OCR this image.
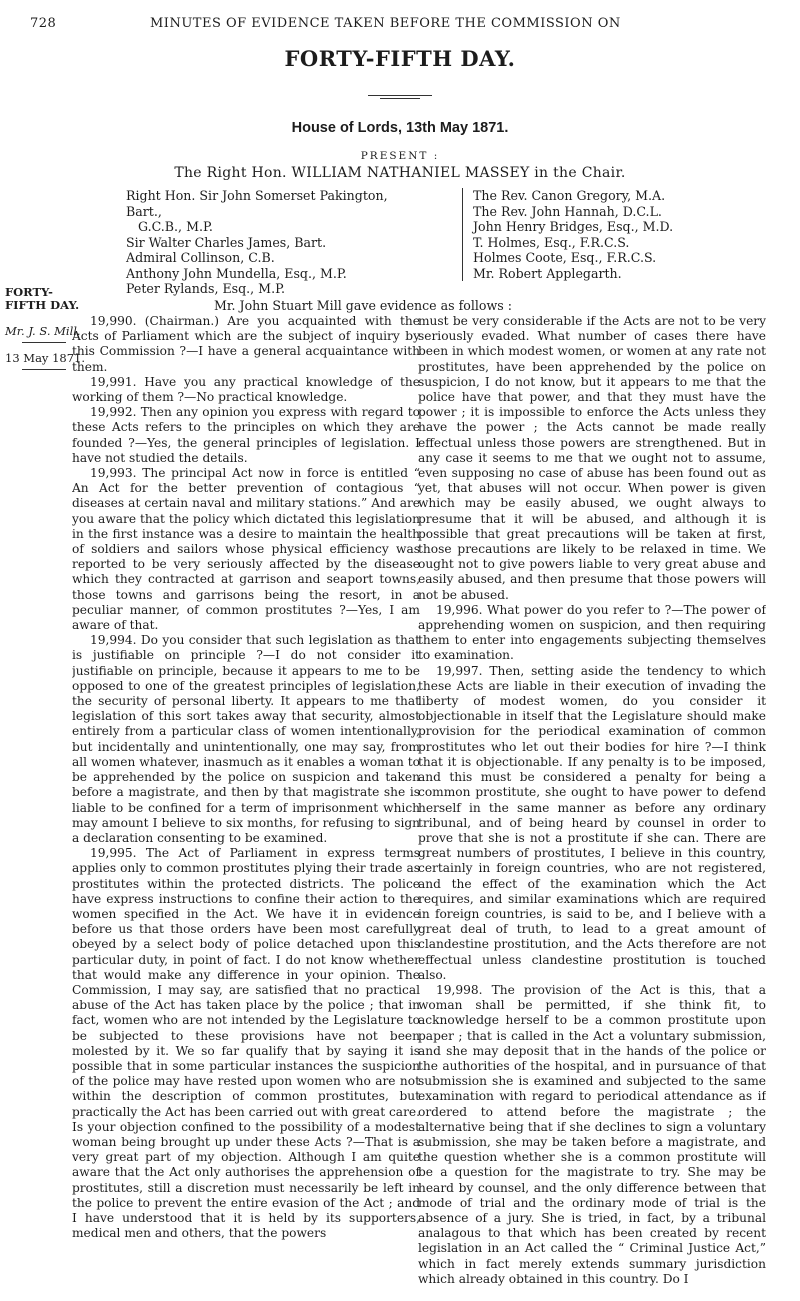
728	MINUTES OF EVIDENCE TAKEN BEFORE THE COMMISSION ON
FORTY-FIFTH DAY.
House of Lords, 13th May 1871.
PRESENT :
The Right Hon. WILLIAM NATHANIEL MASSEY in the Chair.
Right Hon. Sir John Somerset Pakington, Bart.,
G.C.B., M.P.
Sir Walter Charles James, Bart.
Admiral Collinson, C.B.
Anthony John Mundella, Esq., M.P.
Peter Rylands, Esq., M.P.
The Rev. Canon Gregory, M.A.
The Rev. John Hannah, D.C.L.
John Henry Bridges, Esq., M.D.
T. Holmes, Esq., F.R.C.S.
Holmes Coote, Esq., F.R.C.S.
Mr. Robert Applegarth.
Mr. John Stuart Mill gave evidence as follows :
FORTY-
FIFTH DAY.
Mr. J. S. Mill.
13 May 1871.

19,990. (Chairman.) Are you acquainted with the Acts of Parliament which are the subject of inquiry by this Commission ?—I have a general acquaintance with them.

19,991. Have you any practical knowledge of the working of them ?—No practical knowledge.

19,992. Then any opinion you express with regard to these Acts refers to the principles on which they are founded ?—Yes, the general principles of legislation. I have not studied the details.

19,993. The principal Act now in force is entitled “ An Act for the better prevention of contagious “ diseases at certain naval and military stations.” And are you aware that the policy which dictated this legislation in the first instance was a desire to maintain the health of soldiers and sailors whose physical efficiency was reported to be very seriously affected by the disease which they contracted at garrison and seaport towns, those towns and garrisons being the resort, in a peculiar manner, of common prostitutes ?—Yes, I am aware of that.

19,994. Do you consider that such legislation as that is justifiable on principle ?—I do not consider it justifiable on principle, because it appears to me to be opposed to one of the greatest principles of legislation, the security of personal liberty. It appears to me that legislation of this sort takes away that security, almost entirely from a particular class of women intentionally, but incidentally and unintentionally, one may say, from all women whatever, inasmuch as it enables a woman to be apprehended by the police on suspicion and taken before a magistrate, and then by that magistrate she is liable to be confined for a term of imprisonment which may amount I believe to six months, for refusing to sign a declaration consenting to be examined.

19,995. The Act of Parliament in express terms applies only to common prostitutes plying their trade as prostitutes within the protected districts. The police have express instructions to confine their action to the women specified in the Act. We have it in evidence before us that those orders have been most carefully obeyed by a select body of police detached upon this particular duty, in point of fact. I do not know whether that would make any difference in your opinion. The Commission, I may say, are satisfied that no practical abuse of the Act has taken place by the police ; that in fact, women who are not intended by the Legislature to be subjected to these provisions have not been molested by it. We so far qualify that by saying it is possible that in some particular instances the suspicion of the police may have rested upon women who are not within the description of common prostitutes, but practically the Act has been carried out with great care. Is your objection confined to the possibility of a modest woman being brought up under these Acts ?—That is a very great part of my objection. Although I am quite aware that the Act only authorises the apprehension of prostitutes, still a discretion must necessarily be left in the police to prevent the entire evasion of the Act ; and I have understood that it is held by its supporters, medical men and others, that the powers

must be very considerable if the Acts are not to be very seriously evaded. What number of cases there have been in which modest women, or women at any rate not prostitutes, have been apprehended by the police on suspicion, I do not know, but it appears to me that the police have that power, and that they must have the power ; it is impossible to enforce the Acts unless they have the power ; the Acts cannot be made really effectual unless those powers are strengthened. But in any case it seems to me that we ought not to assume, even supposing no case of abuse has been found out as yet, that abuses will not occur. When power is given which may be easily abused, we ought always to presume that it will be abused, and although it is possible that great precautions will be taken at first, those precautions are likely to be relaxed in time. We ought not to give powers liable to very great abuse and easily abused, and then presume that those powers will not be abused.

19,996. What power do you refer to ?—The power of apprehending women on suspicion, and then requiring them to enter into engagements subjecting themselves to examination.

19,997. Then, setting aside the tendency to which these Acts are liable in their execution of invading the liberty of modest women, do you consider it objectionable in itself that the Legislature should make provision for the periodical examination of common prostitutes who let out their bodies for hire ?—I think that it is objectionable. If any penalty is to be imposed, and this must be considered a penalty for being a common prostitute, she ought to have power to defend herself in the same manner as before any ordinary tribunal, and of being heard by counsel in order to prove that she is not a prostitute if she can. There are great numbers of prostitutes, I believe in this country, certainly in foreign countries, who are not registered, and the effect of the examination which the Act requires, and similar examinations which are required in foreign countries, is said to be, and I believe with a great deal of truth, to lead to a great amount of clandestine prostitution, and the Acts therefore are not effectual unless clandestine prostitution is touched also.

19,998. The provision of the Act is this, that a woman shall be permitted, if she think fit, to acknowledge herself to be a common prostitute upon paper ; that is called in the Act a voluntary submission, and she may deposit that in the hands of the police or the authorities of the hospital, and in pursuance of that submission she is examined and subjected to the same examination with regard to periodical attendance as if ordered to attend before the magistrate ; the alternative being that if she declines to sign a voluntary submission, she may be taken before a magistrate, and the question whether she is a common prostitute will be a question for the magistrate to try. She may be heard by counsel, and the only difference between that mode of trial and the ordinary mode of trial is the absence of a jury. She is tried, in fact, by a tribunal analagous to that which has been created by recent legislation in an Act called the “ Criminal Justice Act,” which in fact merely extends summary jurisdiction which already obtained in this country. Do I
